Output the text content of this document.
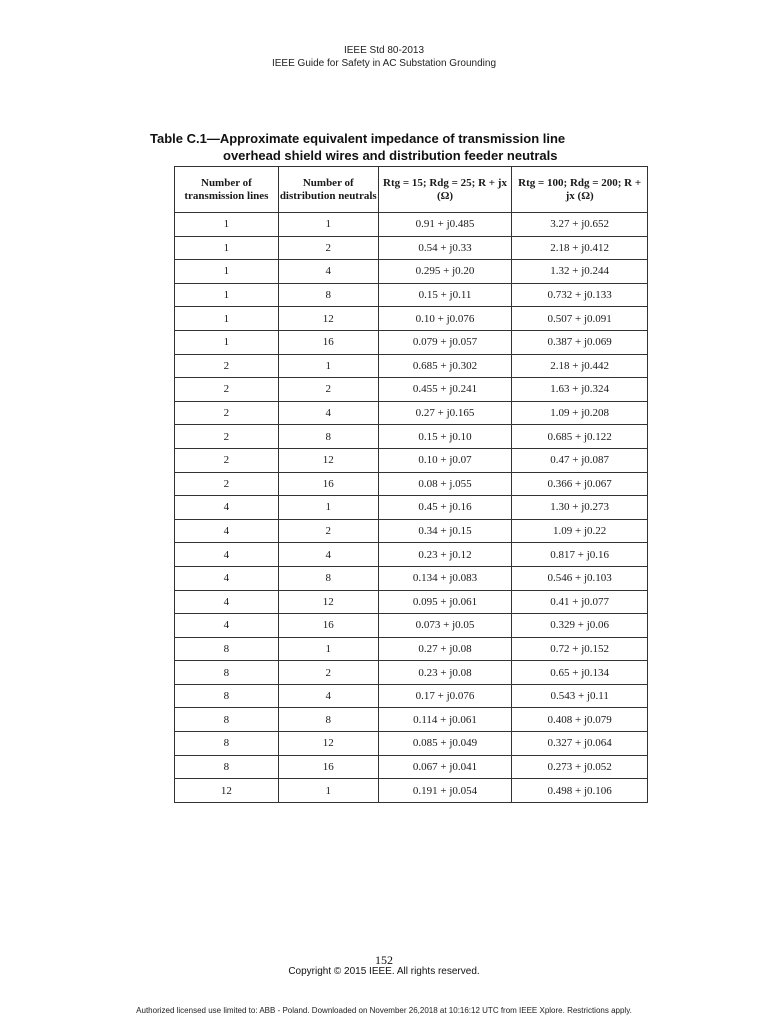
IEEE Std 80-2013
IEEE Guide for Safety in AC Substation Grounding
Table C.1—Approximate equivalent impedance of transmission line
overhead shield wires and distribution feeder neutrals
Number of transmission lines	Number of distribution neutrals	Rtg = 15; Rdg = 25; R + jx (Ω)	Rtg = 100; Rdg = 200; R + jx (Ω)
1	1	0.91 + j0.485	3.27 + j0.652
1	2	0.54 + j0.33	2.18 + j0.412
1	4	0.295 + j0.20	1.32 + j0.244
1	8	0.15 + j0.11	0.732 + j0.133
1	12	0.10 + j0.076	0.507 + j0.091
1	16	0.079 + j0.057	0.387 + j0.069
2	1	0.685 + j0.302	2.18 + j0.442
2	2	0.455 + j0.241	1.63 + j0.324
2	4	0.27 + j0.165	1.09 + j0.208
2	8	0.15 + j0.10	0.685 + j0.122
2	12	0.10 + j0.07	0.47 + j0.087
2	16	0.08 + j.055	0.366 + j0.067
4	1	0.45 + j0.16	1.30 + j0.273
4	2	0.34 + j0.15	1.09 + j0.22
4	4	0.23 + j0.12	0.817 + j0.16
4	8	0.134 + j0.083	0.546 + j0.103
4	12	0.095 + j0.061	0.41 + j0.077
4	16	0.073 + j0.05	0.329 + j0.06
8	1	0.27 + j0.08	0.72 + j0.152
8	2	0.23 + j0.08	0.65 + j0.134
8	4	0.17 + j0.076	0.543 + j0.11
8	8	0.114 + j0.061	0.408 + j0.079
8	12	0.085 + j0.049	0.327 + j0.064
8	16	0.067 + j0.041	0.273 + j0.052
12	1	0.191 + j0.054	0.498 + j0.106
152
Copyright © 2015 IEEE. All rights reserved.
Authorized licensed use limited to: ABB - Poland. Downloaded on November 26,2018 at 10:16:12 UTC from IEEE Xplore. Restrictions apply.
